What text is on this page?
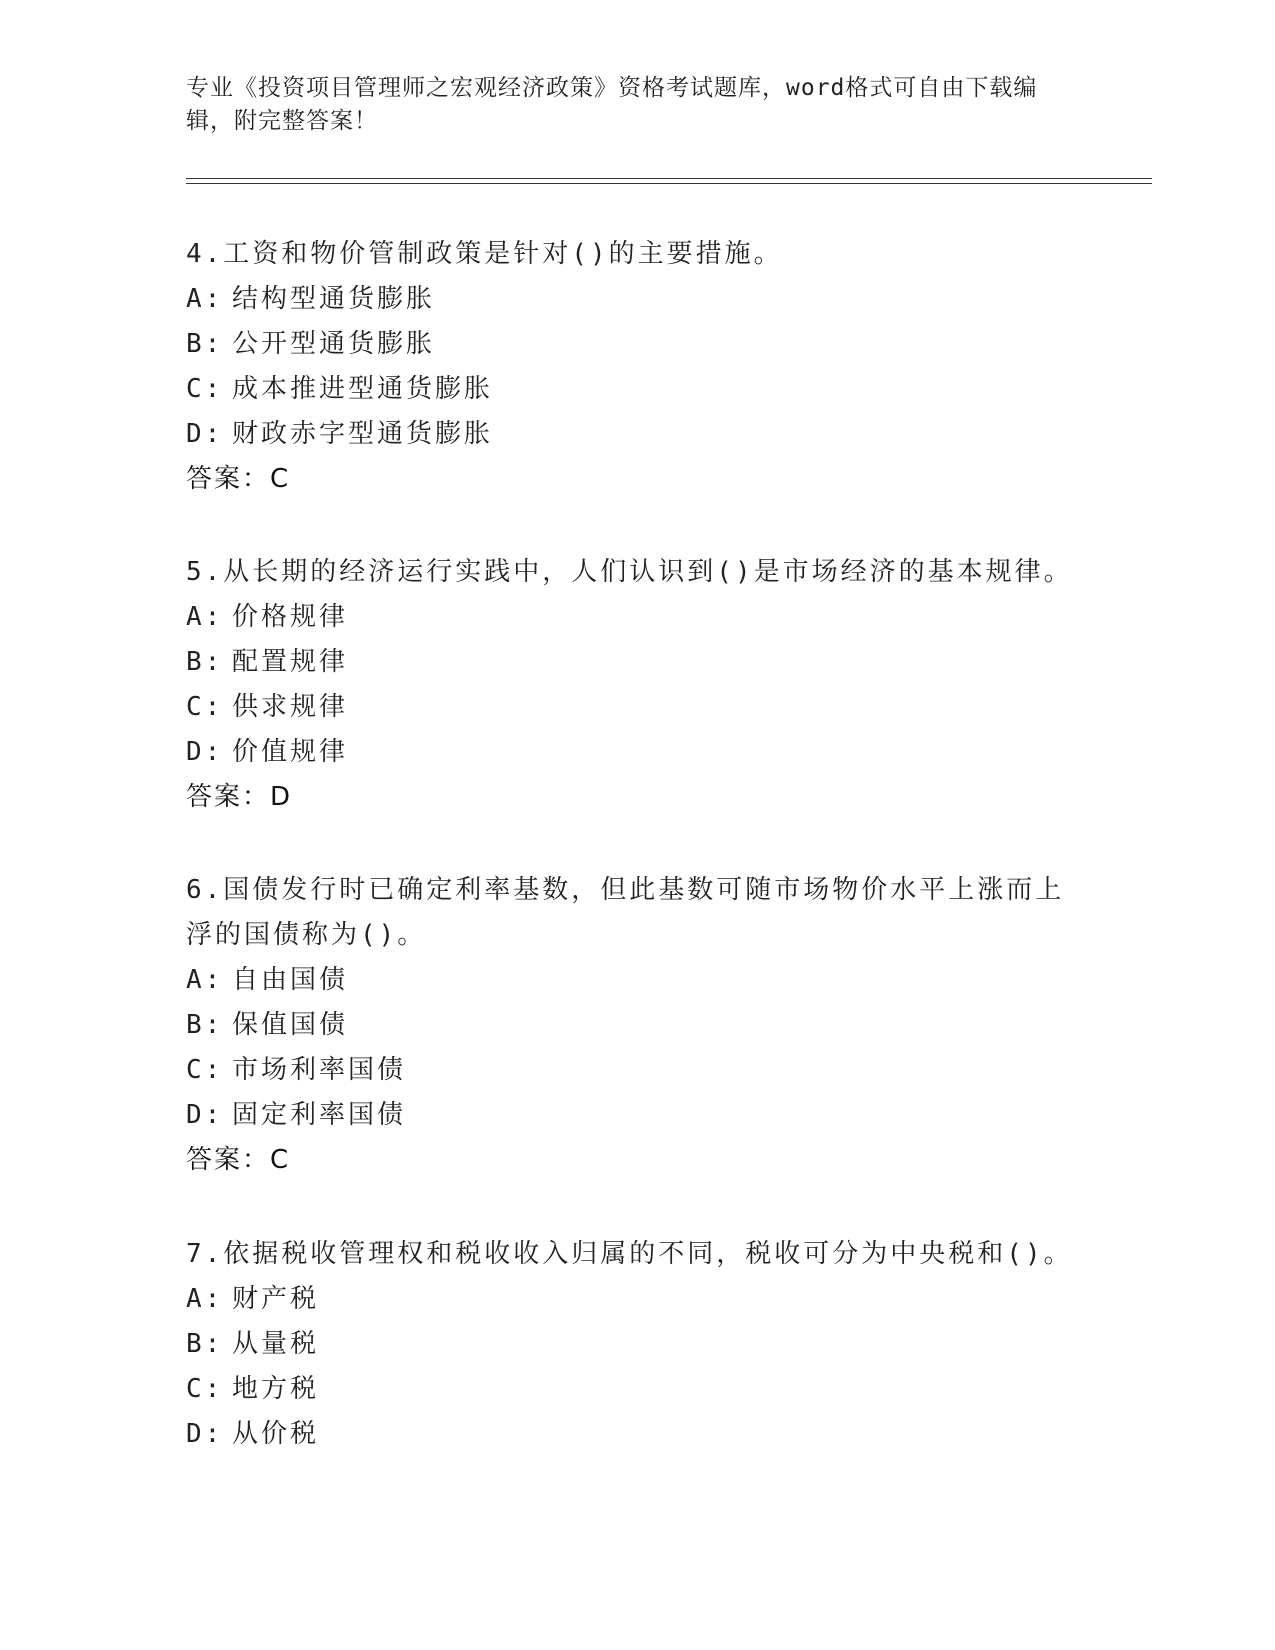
专业《投资项目管理师之宏观经济政策》资格考试题库，word格式可自由下载编辑，附完整答案！

4.工资和物价管制政策是针对()的主要措施。

A: 结构型通货膨胀

B: 公开型通货膨胀

C: 成本推进型通货膨胀

D: 财政赤字型通货膨胀

答案：C

5.从长期的经济运行实践中，人们认识到()是市场经济的基本规律。

A: 价格规律

B: 配置规律

C: 供求规律

D: 价值规律

答案：D

6.国债发行时已确定利率基数，但此基数可随市场物价水平上涨而上浮的国债称为()。

A: 自由国债

B: 保值国债

C: 市场利率国债

D: 固定利率国债

答案：C

7.依据税收管理权和税收收入归属的不同，税收可分为中央税和()。

A: 财产税

B: 从量税

C: 地方税

D: 从价税
